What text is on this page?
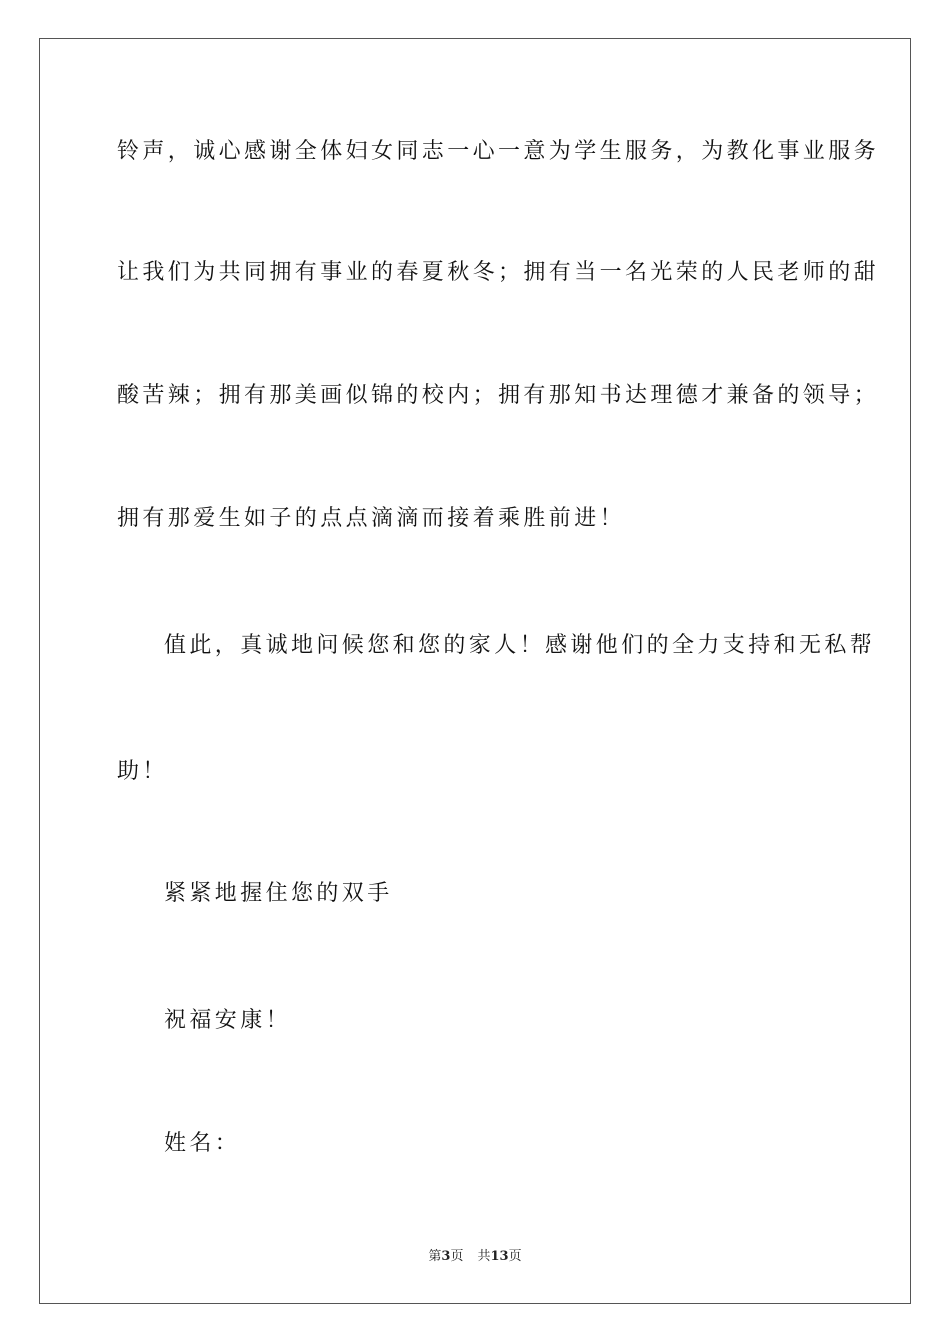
铃声，诚心感谢全体妇女同志一心一意为学生服务，为教化事业服务
让我们为共同拥有事业的春夏秋冬；拥有当一名光荣的人民老师的甜
酸苦辣；拥有那美画似锦的校内；拥有那知书达理德才兼备的领导；
拥有那爱生如子的点点滴滴而接着乘胜前进！
值此，真诚地问候您和您的家人！感谢他们的全力支持和无私帮
助！
紧紧地握住您的双手
祝福安康！
姓名：
第3页 共13页
